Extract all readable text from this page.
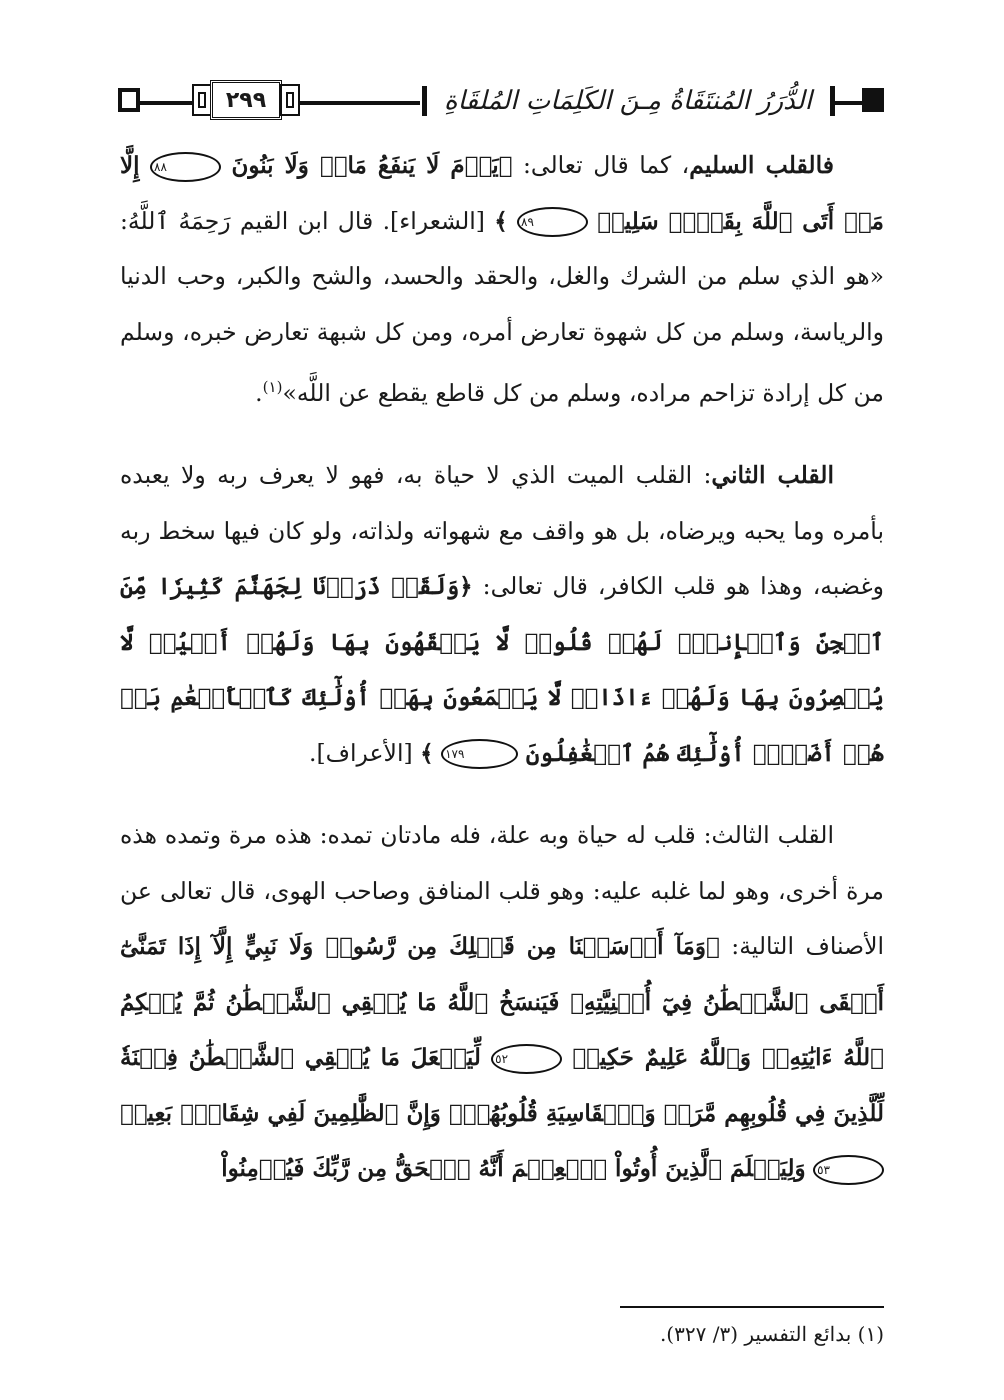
٢٩٩	الدُّرَرُ المُنتَقَاةُ مِـنَ الكَلِمَاتِ المُلقَاةِ

فالقلب السليم، كما قال تعالى: ﴿يَوۡمَ لَا يَنفَعُ مَالٞ وَلَا بَنُونَ ٨٨ إِلَّا مَنۡ أَتَى ٱللَّهَ بِقَلۡبٖ سَلِيمٖ ٨٩ ﴾ [الشعراء]. قال ابن القيم رَحِمَهُ ٱللَّهُ: «هو الذي سلم من الشرك والغل، والحقد والحسد، والشح والكبر، وحب الدنيا والرياسة، وسلم من كل شهوة تعارض أمره، ومن كل شبهة تعارض خبره، وسلم من كل إرادة تزاحم مراده، وسلم من كل قاطع يقطع عن اللَّه»$^{(١)}$.

القلب الثاني: القلب الميت الذي لا حياة به، فهو لا يعرف ربه ولا يعبده بأمره وما يحبه ويرضاه، بل هو واقف مع شهواته ولذاته، ولو كان فيها سخط ربه وغضبه، وهذا هو قلب الكافر، قال تعالى: ﴿وَلَقَدۡ ذَرَأۡنَا لِجَهَنَّمَ كَثِيرٗا مِّنَ ٱلۡجِنِّ وَٱلۡإِنسِۖ لَهُمۡ قُلُوبٞ لَّا يَفۡقَهُونَ بِهَا وَلَهُمۡ أَعۡيُنٞ لَّا يُبۡصِرُونَ بِهَا وَلَهُمۡ ءَاذَانٞ لَّا يَسۡمَعُونَ بِهَآۚ أُوْلَٰٓئِكَ كَٱلۡأَنۡعَٰمِ بَلۡ هُمۡ أَضَلُّۚ أُوْلَٰٓئِكَ هُمُ ٱلۡغَٰفِلُونَ ١٧٩ ﴾ [الأعراف].

القلب الثالث: قلب له حياة وبه علة، فله مادتان تمده: هذه مرة وتمده هذه مرة أخرى، وهو لما غلبه عليه: وهو قلب المنافق وصاحب الهوى، قال تعالى عن الأصناف التالية: ﴿وَمَآ أَرۡسَلۡنَا مِن قَبۡلِكَ مِن رَّسُولٖ وَلَا نَبِيٍّ إِلَّآ إِذَا تَمَنَّىٰٓ أَلۡقَى ٱلشَّيۡطَٰنُ فِيٓ أُمۡنِيَّتِهِۦ فَيَنسَخُ ٱللَّهُ مَا يُلۡقِي ٱلشَّيۡطَٰنُ ثُمَّ يُحۡكِمُ ٱللَّهُ ءَايَٰتِهِۦۗ وَٱللَّهُ عَلِيمٌ حَكِيمٞ ٥٢ لِّيَجۡعَلَ مَا يُلۡقِي ٱلشَّيۡطَٰنُ فِتۡنَةٗ لِّلَّذِينَ فِي قُلُوبِهِم مَّرَضٞ وَٱلۡقَاسِيَةِ قُلُوبُهُمۡۗ وَإِنَّ ٱلظَّٰلِمِينَ لَفِي شِقَاقِۭ بَعِيدٖ ٥٣ وَلِيَعۡلَمَ ٱلَّذِينَ أُوتُواْ ٱلۡعِلۡمَ أَنَّهُ ٱلۡحَقُّ مِن رَّبِّكَ فَيُؤۡمِنُواْ

(١) بدائع التفسير (٣/ ٣٢٧).
